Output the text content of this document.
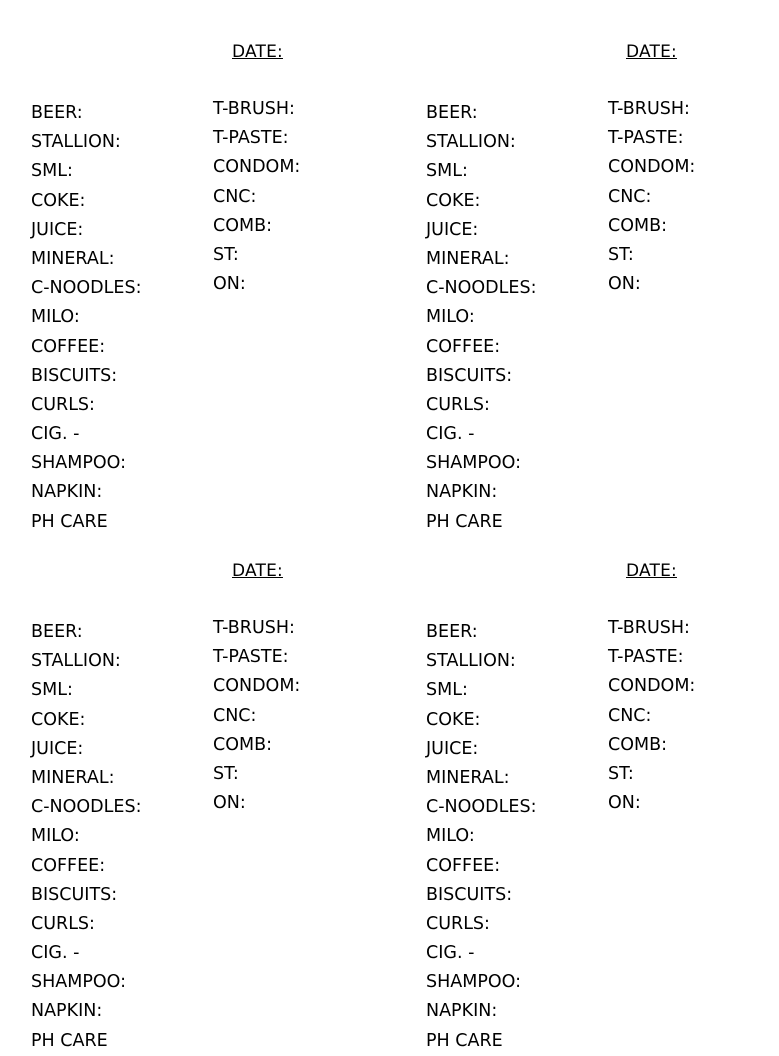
DATE:
BEER:
STALLION:
SML:
COKE:
JUICE:
MINERAL:
C-NOODLES:
MILO:
COFFEE:
BISCUITS:
CURLS:
CIG. -
SHAMPOO:
NAPKIN:
PH CARE
T-BRUSH:
T-PASTE:
CONDOM:
CNC:
COMB:
ST:
ON:
DATE:
BEER:
STALLION:
SML:
COKE:
JUICE:
MINERAL:
C-NOODLES:
MILO:
COFFEE:
BISCUITS:
CURLS:
CIG. -
SHAMPOO:
NAPKIN:
PH CARE
T-BRUSH:
T-PASTE:
CONDOM:
CNC:
COMB:
ST:
ON:
DATE:
BEER:
STALLION:
SML:
COKE:
JUICE:
MINERAL:
C-NOODLES:
MILO:
COFFEE:
BISCUITS:
CURLS:
CIG. -
SHAMPOO:
NAPKIN:
PH CARE
T-BRUSH:
T-PASTE:
CONDOM:
CNC:
COMB:
ST:
ON:
DATE:
BEER:
STALLION:
SML:
COKE:
JUICE:
MINERAL:
C-NOODLES:
MILO:
COFFEE:
BISCUITS:
CURLS:
CIG. -
SHAMPOO:
NAPKIN:
PH CARE
T-BRUSH:
T-PASTE:
CONDOM:
CNC:
COMB:
ST:
ON:
